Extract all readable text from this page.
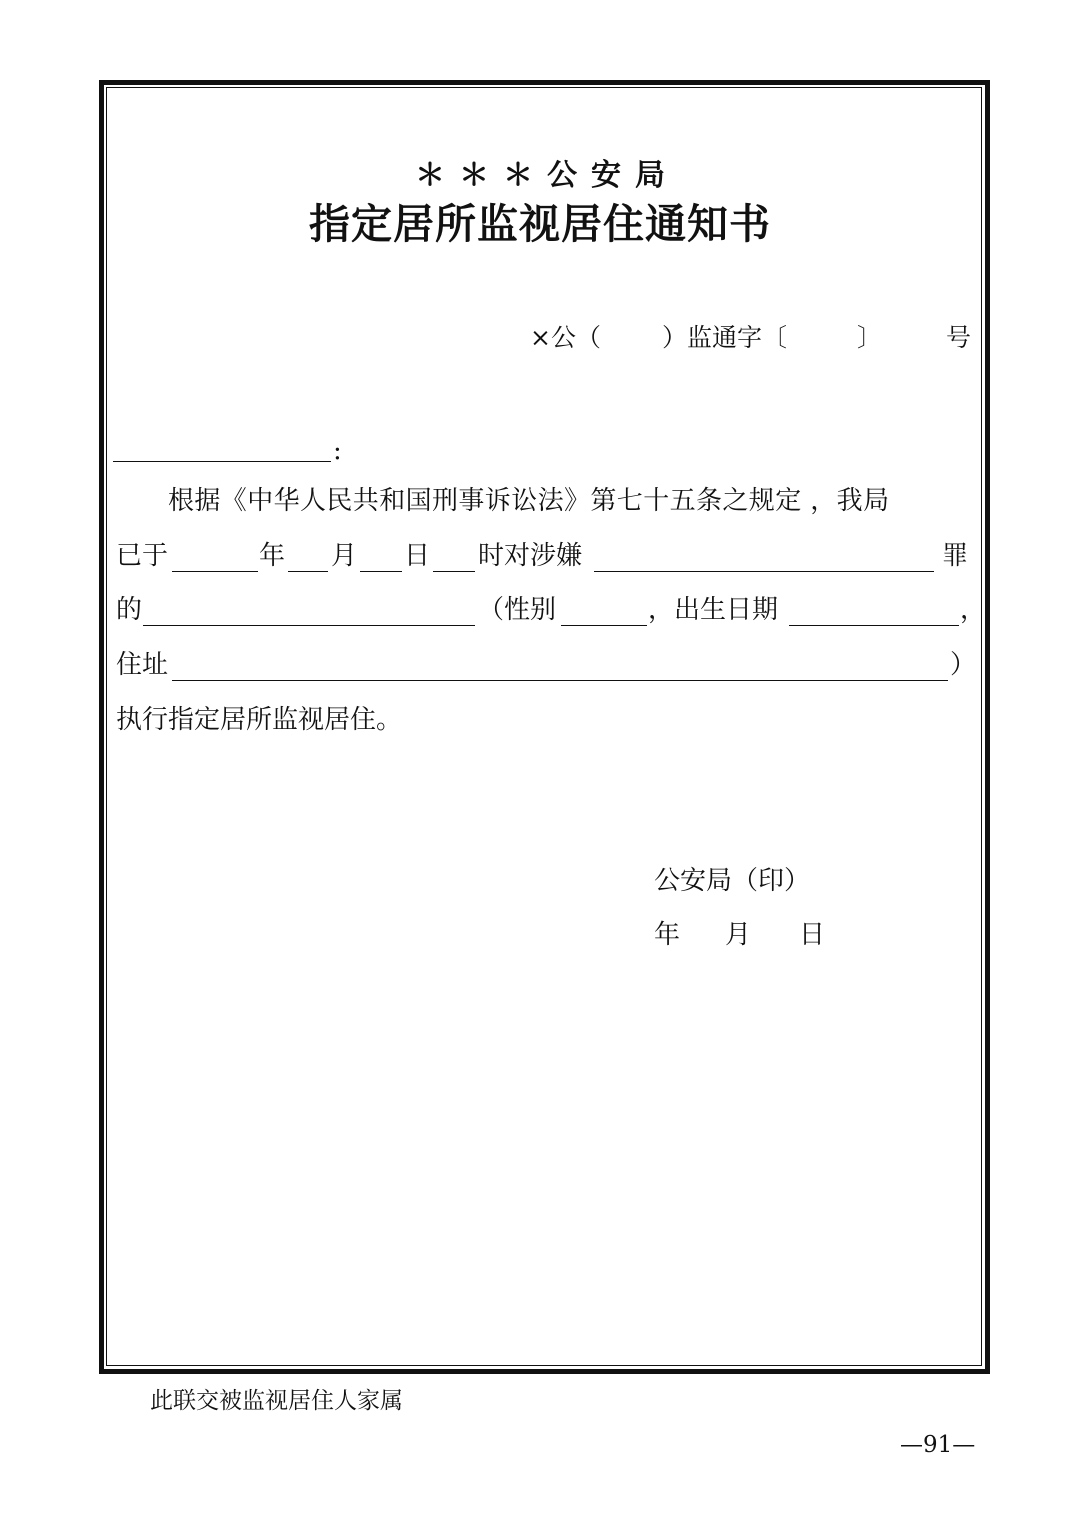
＊＊＊公安局
指定居所监视居住通知书
×公（ ）监通字〔	〕	号
:
根据《中华人民共和国刑事诉讼法》第七十五条之规定 ，我局
已于	年 月 日 时对涉嫌	罪
的	（性别	，出生日期	，
住址	）
执行指定居所监视居住。
公安局（印）
年 月 日
此联交被监视居住人家属
—91—
